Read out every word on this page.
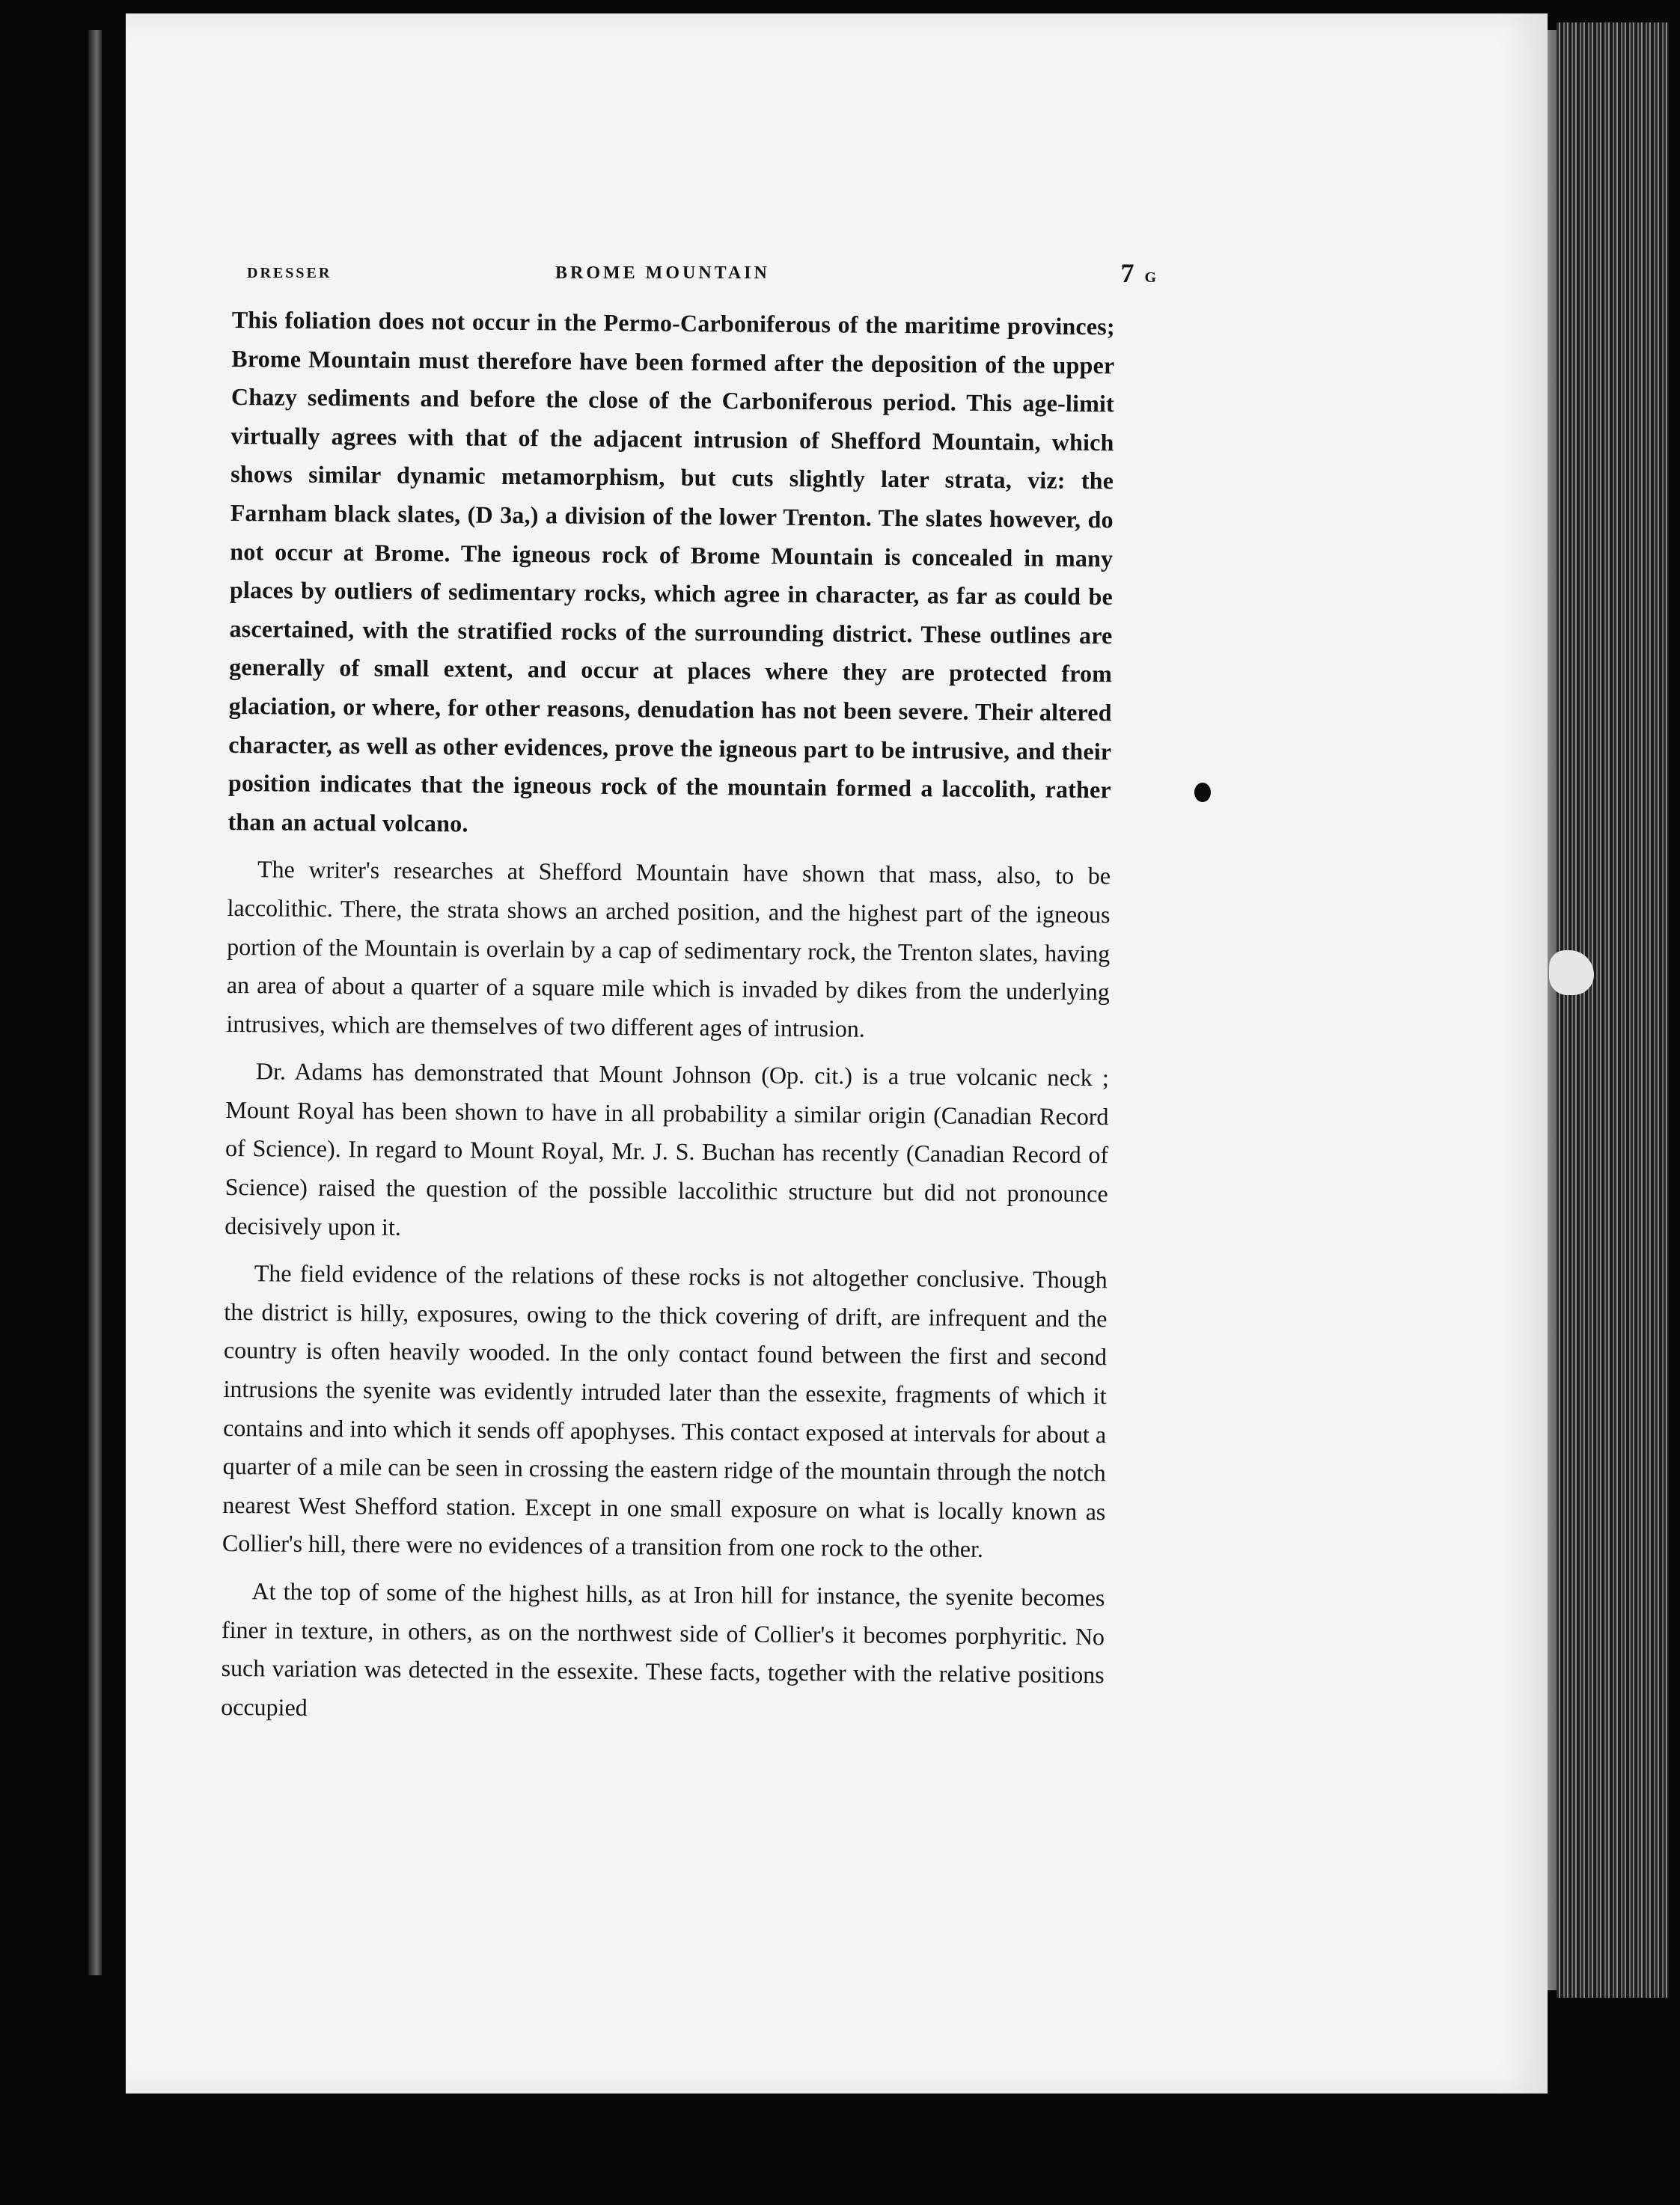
DRESSER	BROME MOUNTAIN	7 G

This foliation does not occur in the Permo-Carboniferous of the maritime provinces; Brome Mountain must therefore have been formed after the deposition of the upper Chazy sediments and before the close of the Carboniferous period. This age-limit virtually agrees with that of the adjacent intrusion of Shefford Mountain, which shows similar dynamic metamorphism, but cuts slightly later strata, viz: the Farnham black slates, (D 3a,) a division of the lower Trenton. The slates however, do not occur at Brome. The igneous rock of Brome Mountain is concealed in many places by outliers of sedimentary rocks, which agree in character, as far as could be ascertained, with the stratified rocks of the surrounding district. These outlines are generally of small extent, and occur at places where they are protected from glaciation, or where, for other reasons, denudation has not been severe. Their altered character, as well as other evidences, prove the igneous part to be intrusive, and their position indicates that the igneous rock of the mountain formed a laccolith, rather than an actual volcano.

The writer's researches at Shefford Mountain have shown that mass, also, to be laccolithic. There, the strata shows an arched position, and the highest part of the igneous portion of the Mountain is overlain by a cap of sedimentary rock, the Trenton slates, having an area of about a quarter of a square mile which is invaded by dikes from the underlying intrusives, which are themselves of two different ages of intrusion.

Dr. Adams has demonstrated that Mount Johnson (Op. cit.) is a true volcanic neck ; Mount Royal has been shown to have in all probability a similar origin (Canadian Record of Science). In regard to Mount Royal, Mr. J. S. Buchan has recently (Canadian Record of Science) raised the question of the possible laccolithic structure but did not pronounce decisively upon it.

The field evidence of the relations of these rocks is not altogether conclusive. Though the district is hilly, exposures, owing to the thick covering of drift, are infrequent and the country is often heavily wooded. In the only contact found between the first and second intrusions the syenite was evidently intruded later than the essexite, fragments of which it contains and into which it sends off apophyses. This contact exposed at intervals for about a quarter of a mile can be seen in crossing the eastern ridge of the mountain through the notch nearest West Shefford station. Except in one small exposure on what is locally known as Collier's hill, there were no evidences of a transition from one rock to the other.

At the top of some of the highest hills, as at Iron hill for instance, the syenite becomes finer in texture, in others, as on the northwest side of Collier's it becomes porphyritic. No such variation was detected in the essexite. These facts, together with the relative positions occupied
